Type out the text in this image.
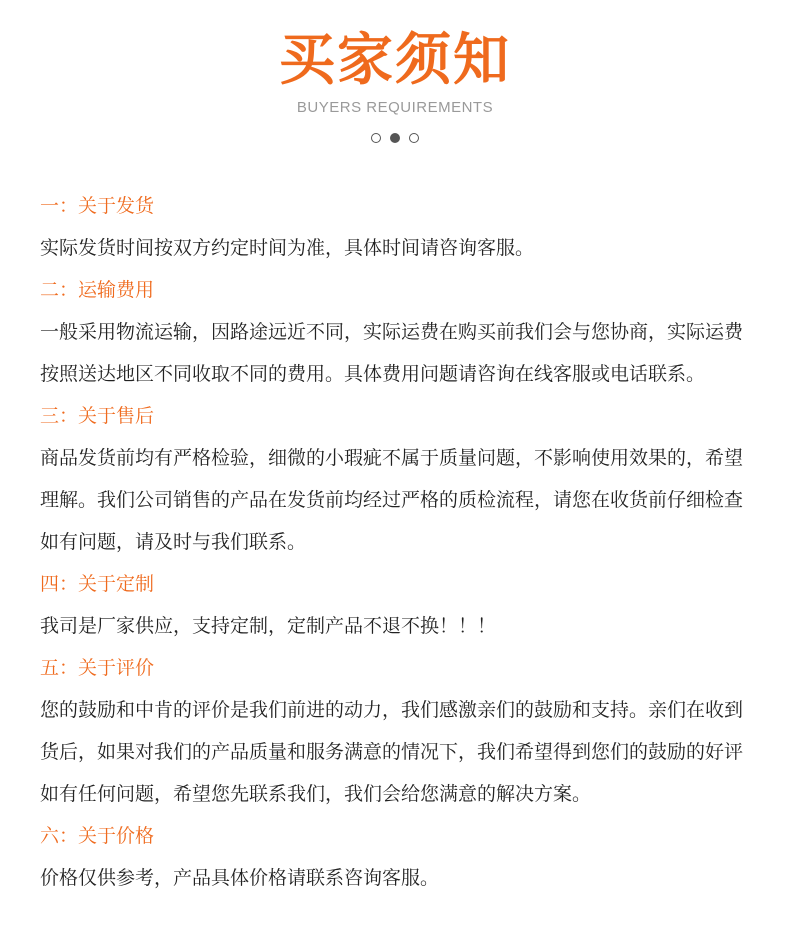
买家须知
BUYERS REQUIREMENTS
一：关于发货
实际发货时间按双方约定时间为准，具体时间请咨询客服。
二：运输费用
一般采用物流运输，因路途远近不同，实际运费在购买前我们会与您协商，实际运费
按照送达地区不同收取不同的费用。具体费用问题请咨询在线客服或电话联系。
三：关于售后
商品发货前均有严格检验，细微的小瑕疵不属于质量问题，不影响使用效果的，希望
理解。我们公司销售的产品在发货前均经过严格的质检流程，请您在收货前仔细检查
如有问题，请及时与我们联系。
四：关于定制
我司是厂家供应，支持定制，定制产品不退不换！！！
五：关于评价
您的鼓励和中肯的评价是我们前进的动力，我们感激亲们的鼓励和支持。亲们在收到
货后，如果对我们的产品质量和服务满意的情况下，我们希望得到您们的鼓励的好评
如有任何问题，希望您先联系我们，我们会给您满意的解决方案。
六：关于价格
价格仅供参考，产品具体价格请联系咨询客服。
